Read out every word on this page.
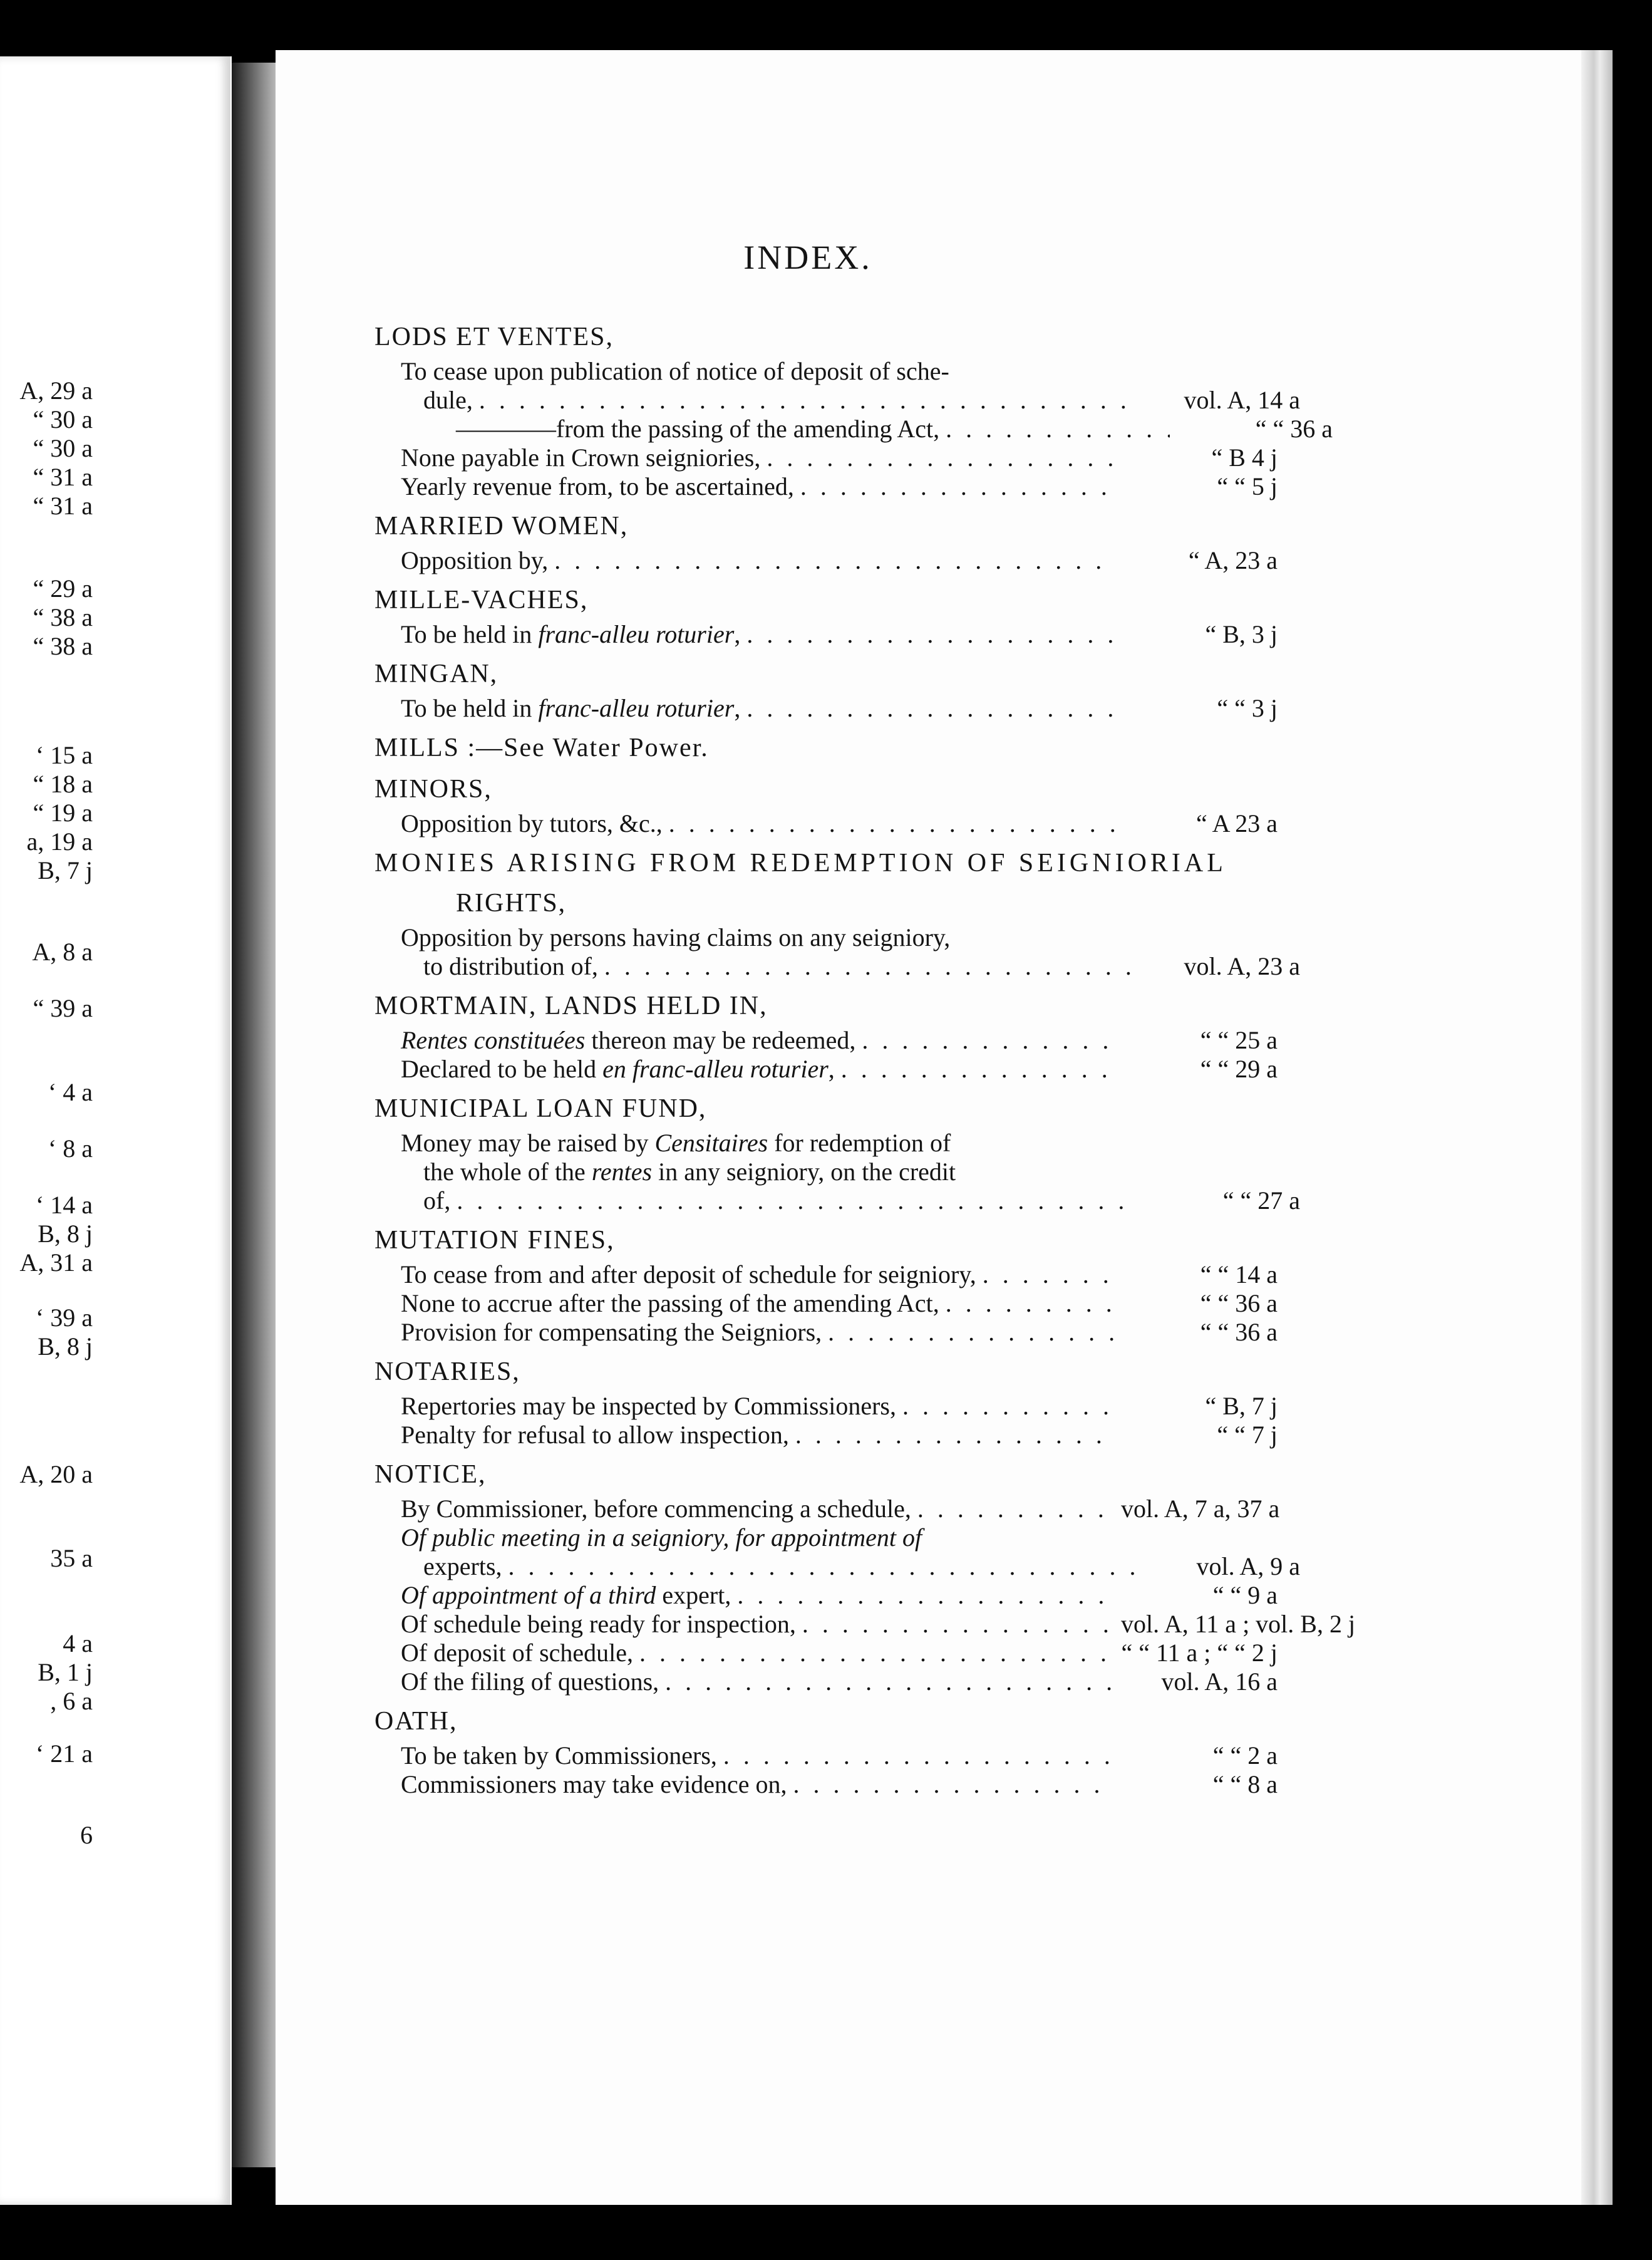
A, 29 a
“ 30 a
“ 30 a
“ 31 a
“ 31 a
“ 29 a
“ 38 a
“ 38 a
‘ 15 a
“ 18 a
“ 19 a
a, 19 a
B, 7 j
A, 8 a
“ 39 a
‘ 4 a
‘ 8 a
‘ 14 a
B, 8 j
A, 31 a
‘ 39 a
B, 8 j
A, 20 a
35 a
4 a
B, 1 j
, 6 a
‘ 21 a
6
INDEX.
LODS ET VENTES,
To cease upon publication of notice of deposit of sche-
dule, . . .	vol. A, 14 a
————from the passing of the amending Act, . . .	“ “ 36 a
None payable in Crown seigniories, . . .	“ B 4 j
Yearly revenue from, to be ascertained, . . .	“ “ 5 j
MARRIED WOMEN,
Opposition by, . . .	“ A, 23 a
MILLE-VACHES,
To be held in franc-alleu roturier, . . .	“ B, 3 j
MINGAN,
To be held in franc-alleu roturier, . . .	“ “ 3 j
MILLS :—See Water Power.
MINORS,
Opposition by tutors, &c., . . .	“ A 23 a
MONIES ARISING FROM REDEMPTION OF SEIGNIORIAL
RIGHTS,
Opposition by persons having claims on any seigniory,
to distribution of, . . .	vol. A, 23 a
MORTMAIN, LANDS HELD IN,
Rentes constituées thereon may be redeemed, . . .	“ “ 25 a
Declared to be held en franc-alleu roturier, . . .	“ “ 29 a
MUNICIPAL LOAN FUND,
Money may be raised by Censitaires for redemption of
the whole of the rentes in any seigniory, on the credit
of, . . .	“ “ 27 a
MUTATION FINES,
To cease from and after deposit of schedule for seigniory, . . .	“ “ 14 a
None to accrue after the passing of the amending Act, . . .	“ “ 36 a
Provision for compensating the Seigniors, . . .	“ “ 36 a
NOTARIES,
Repertories may be inspected by Commissioners, . . .	“ B, 7 j
Penalty for refusal to allow inspection, . . .	“ “ 7 j
NOTICE,
By Commissioner, before commencing a schedule, . . .	vol. A, 7 a, 37 a
Of public meeting in a seigniory, for appointment of
experts, . . .	vol. A, 9 a
Of appointment of a third expert, . . .	“ “ 9 a
Of schedule being ready for inspection, . . .	vol. A, 11 a ; vol. B, 2 j
Of deposit of schedule, . . .	“ “ 11 a ; “ “ 2 j
Of the filing of questions, . . .	vol. A, 16 a
OATH,
To be taken by Commissioners, . . .	“ “ 2 a
Commissioners may take evidence on, . . .	“ “ 8 a
